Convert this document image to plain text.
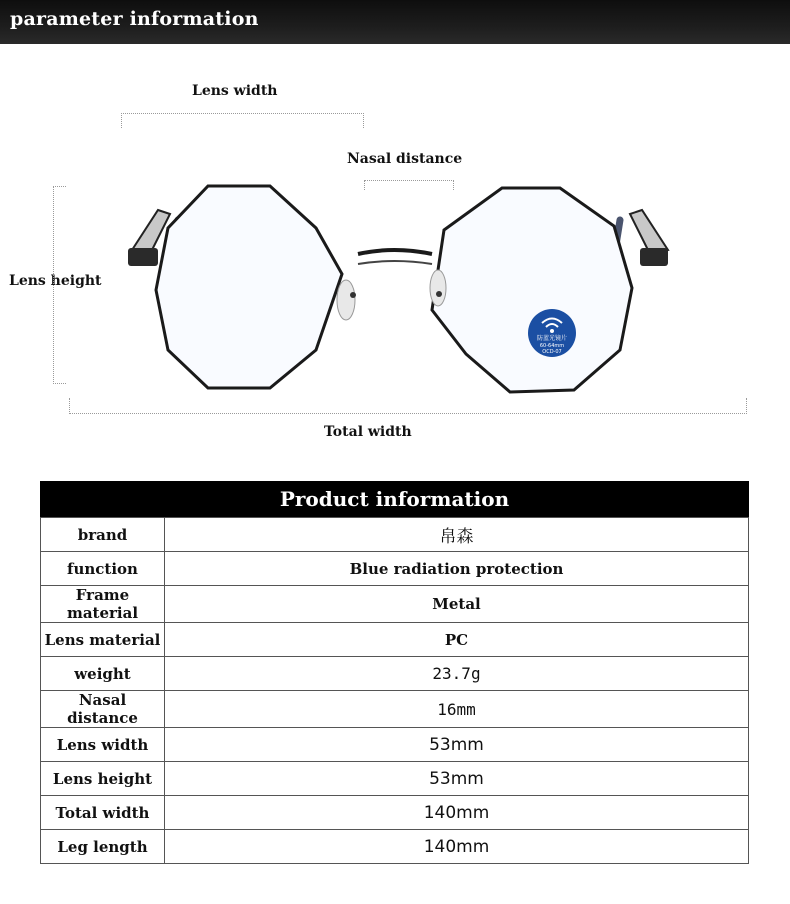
parameter information
Lens width
Nasal distance
Lens height
Total width
防蓝光镜片
60-64mm
OCD-07
Product information
brand	帛森
function	Blue radiation protection
Frame material	Metal
Lens material	PC
weight	23.7g
Nasal distance	16mm
Lens width	53mm
Lens height	53mm
Total width	140mm
Leg length	140mm
